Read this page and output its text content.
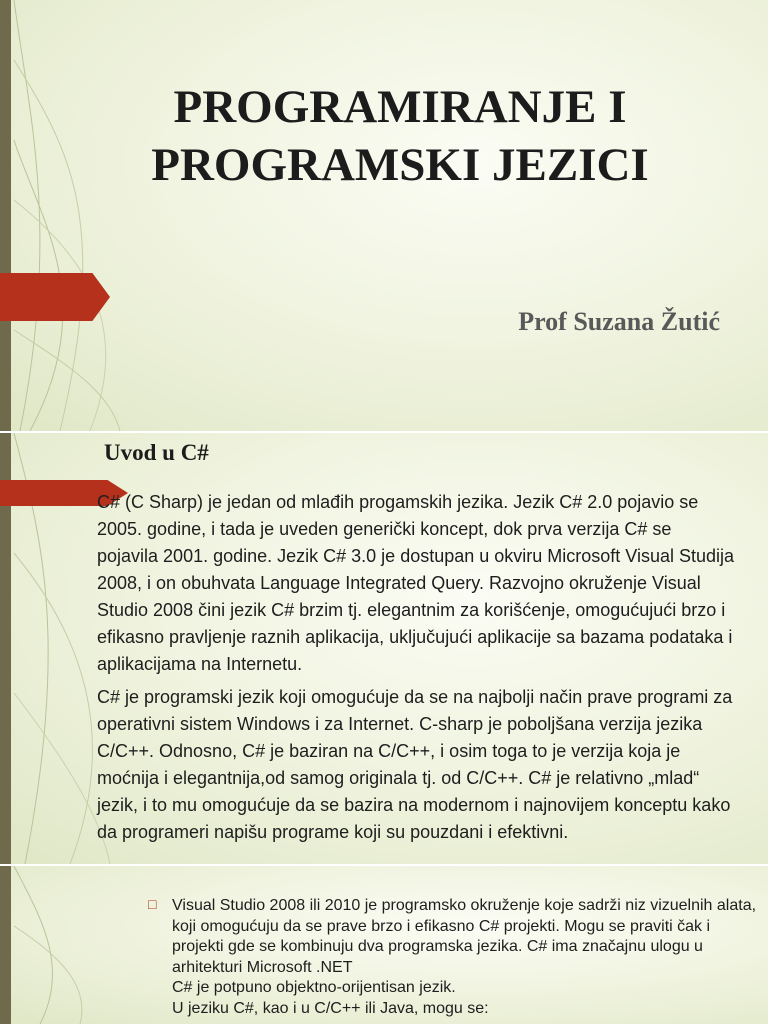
PROGRAMIRANJE I
PROGRAMSKI JEZICI

Prof Suzana Žutić

Uvod u C#

C# (C Sharp) je jedan od mlađih progamskih jezika. Jezik C# 2.0 pojavio se 2005. godine, i tada je uveden generički koncept, dok prva verzija C# se pojavila 2001. godine. Jezik C# 3.0 je dostupan u okviru Microsoft Visual Studija 2008, i on obuhvata Language Integrated Query. Razvojno okruženje Visual Studio 2008 čini jezik C# brzim tj. elegantnim za korišćenje, omogućujući brzo i efikasno pravljenje raznih aplikacija, uključujući aplikacije sa bazama podataka i aplikacijama na Internetu.

C# je programski jezik koji omogućuje da se na najbolji način prave programi za operativni sistem Windows i za Internet. C-sharp je poboljšana verzija jezika C/C++. Odnosno, C# je baziran na C/C++, i osim toga to je verzija koja je moćnija i elegantnija,od samog originala tj. od C/C++. C# je relativno „mlad“ jezik, i to mu omogućuje da se bazira na modernom i najnovijem konceptu kako da programeri napišu programe koji su pouzdani i efektivni.

□ Visual Studio 2008 ili 2010 je programsko okruženje koje sadrži niz vizuelnih alata, koji omogućuju da se prave brzo i efikasno C# projekti. Mogu se praviti čak i projekti gde se kombinuju dva programska jezika. C# ima značajnu ulogu u arhitekturi Microsoft .NET
C# je potpuno objektno-orijentisan jezik.
U jeziku C#, kao i u C/C++ ili Java, mogu se:
